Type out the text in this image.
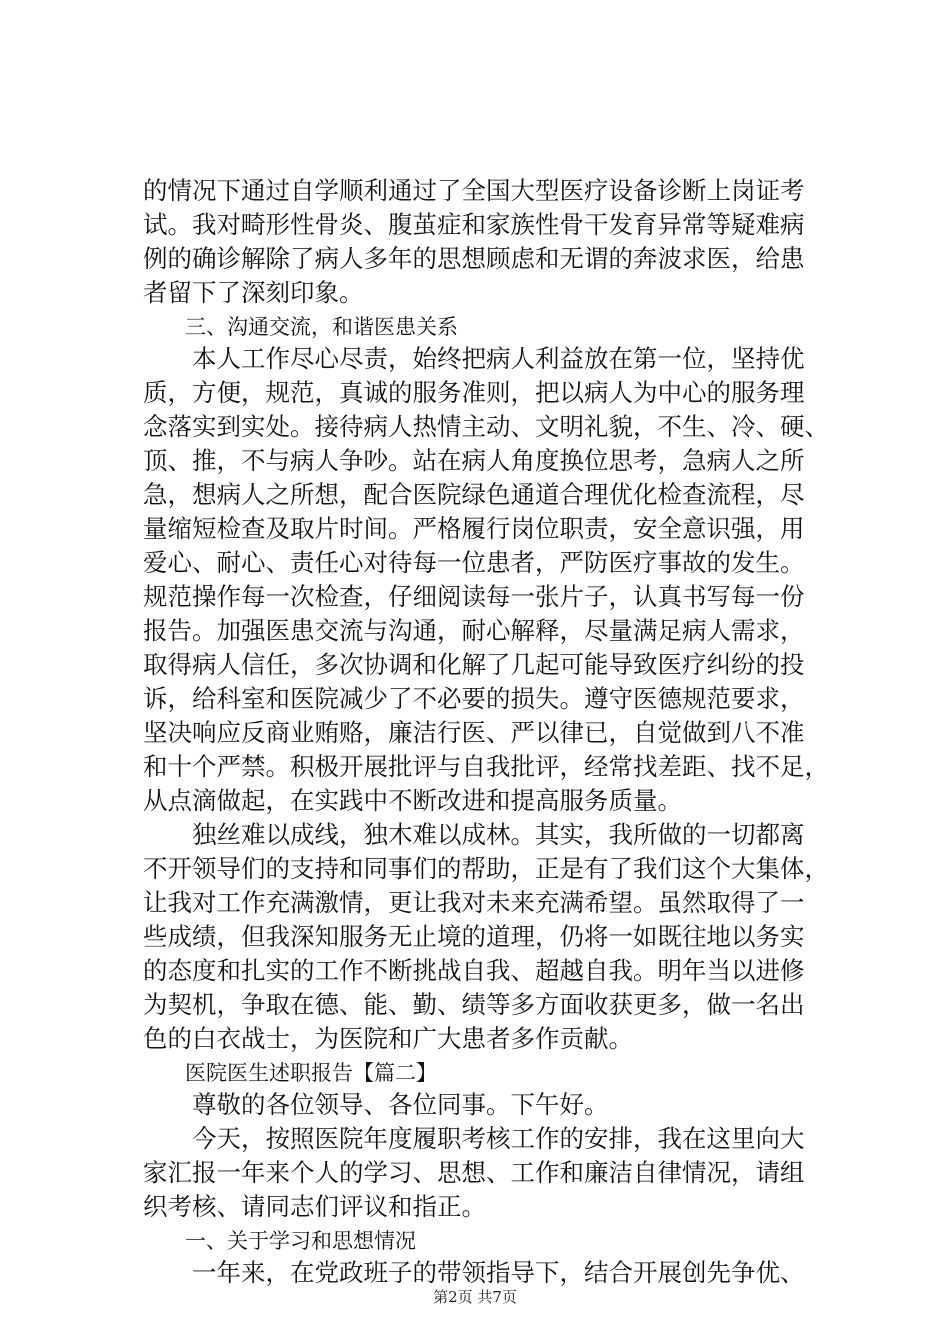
的情况下通过自学顺利通过了全国大型医疗设备诊断上岗证考
试。我对畸形性骨炎、腹茧症和家族性骨干发育异常等疑难病
例的确诊解除了病人多年的思想顾虑和无谓的奔波求医，给患
者留下了深刻印象。
三、沟通交流，和谐医患关系
　　本人工作尽心尽责，始终把病人利益放在第一位，坚持优
质，方便，规范，真诚的服务准则，把以病人为中心的服务理
念落实到实处。接待病人热情主动、文明礼貌，不生、冷、硬、
顶、推，不与病人争吵。站在病人角度换位思考，急病人之所
急，想病人之所想，配合医院绿色通道合理优化检查流程，尽
量缩短检查及取片时间。严格履行岗位职责，安全意识强，用
爱心、耐心、责任心对待每一位患者，严防医疗事故的发生。
规范操作每一次检查，仔细阅读每一张片子，认真书写每一份
报告。加强医患交流与沟通，耐心解释，尽量满足病人需求，
取得病人信任，多次协调和化解了几起可能导致医疗纠纷的投
诉，给科室和医院减少了不必要的损失。遵守医德规范要求，
坚决响应反商业贿赂，廉洁行医、严以律已，自觉做到八不准
和十个严禁。积极开展批评与自我批评，经常找差距、找不足，
从点滴做起，在实践中不断改进和提高服务质量。
　　独丝难以成线，独木难以成林。其实，我所做的一切都离
不开领导们的支持和同事们的帮助，正是有了我们这个大集体，
让我对工作充满激情，更让我对未来充满希望。虽然取得了一
些成绩，但我深知服务无止境的道理，仍将一如既往地以务实
的态度和扎实的工作不断挑战自我、超越自我。明年当以进修
为契机，争取在德、能、勤、绩等多方面收获更多，做一名出
色的白衣战士，为医院和广大患者多作贡献。
医院医生述职报告【篇二】
　　尊敬的各位领导、各位同事。下午好。
　　今天，按照医院年度履职考核工作的安排，我在这里向大
家汇报一年来个人的学习、思想、工作和廉洁自律情况，请组
织考核、请同志们评议和指正。
一、关于学习和思想情况
　　一年来，在党政班子的带领指导下，结合开展创先争优、
第2页 共7页
